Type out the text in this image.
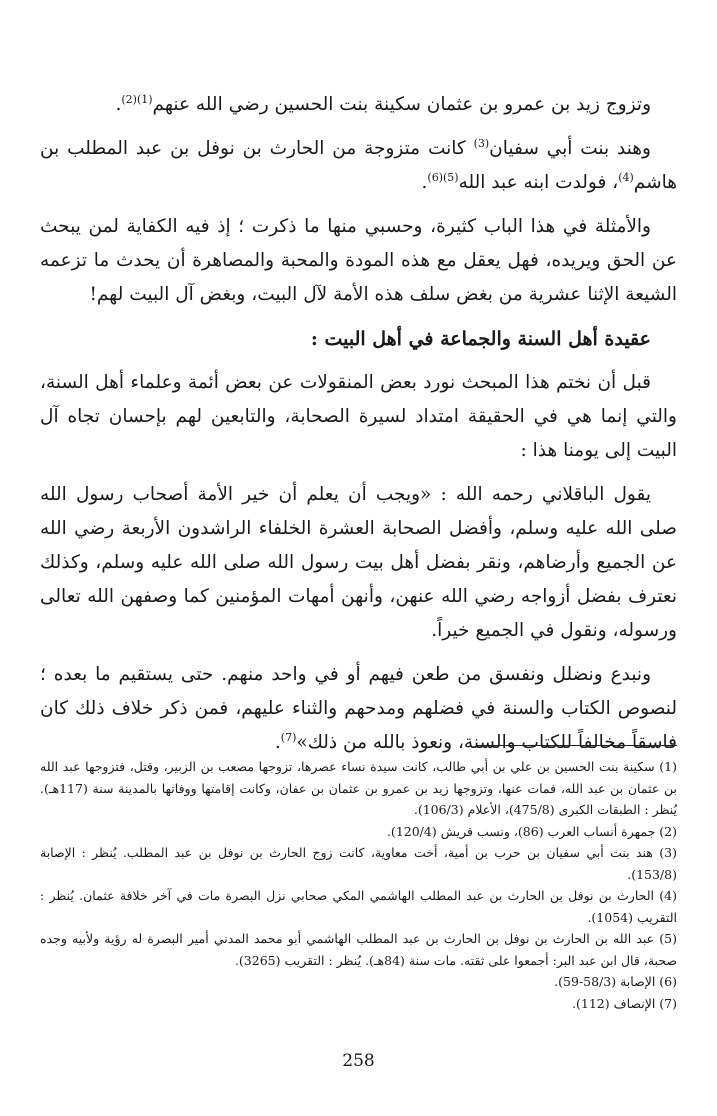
وتزوج زيد بن عمرو بن عثمان سكينة بنت الحسين رضي الله عنهم$^{(1)(2)}$.

وهند بنت أبي سفيان$^{(3)}$ كانت متزوجة من الحارث بن نوفل بن عبد المطلب بن هاشم$^{(4)}$، فولدت ابنه عبد الله$^{(5)(6)}$.

والأمثلة في هذا الباب كثيرة، وحسبي منها ما ذكرت ؛ إذ فيه الكفاية لمن يبحث عن الحق ويريده، فهل يعقل مع هذه المودة والمحبة والمصاهرة أن يحدث ما تزعمه الشيعة الإثنا عشرية من بغض سلف هذه الأمة لآل البيت، وبغض آل البيت لهم!

عقيدة أهل السنة والجماعة في أهل البيت :

قبل أن نختم هذا المبحث نورد بعض المنقولات عن بعض أئمة وعلماء أهل السنة، والتي إنما هي في الحقيقة امتداد لسيرة الصحابة، والتابعين لهم بإحسان تجاه آل البيت إلى يومنا هذا :

يقول الباقلاني رحمه الله : «ويجب أن يعلم أن خير الأمة أصحاب رسول الله صلى الله عليه وسلم، وأفضل الصحابة العشرة الخلفاء الراشدون الأربعة رضي الله عن الجميع وأرضاهم، ونقر بفضل أهل بيت رسول الله صلى الله عليه وسلم، وكذلك نعترف بفضل أزواجه رضي الله عنهن، وأنهن أمهات المؤمنين كما وصفهن الله تعالى ورسوله، ونقول في الجميع خيراً.

ونبدع ونضلل ونفسق من طعن فيهم أو في واحد منهم. حتى يستقيم ما بعده ؛ لنصوص الكتاب والسنة في فضلهم ومدحهم والثناء عليهم، فمن ذكر خلاف ذلك كان فاسقاً مخالفاً للكتاب والسنة، ونعوذ بالله من ذلك»$^{(7)}$.

(1) سكينة بنت الحسين بن علي بن أبي طالب، كانت سيدة نساء عصرها، تزوجها مصعب بن الزبير، وقتل، فتزوجها عبد الله بن عثمان بن عبد الله، فمات عنها، وتزوجها زيد بن عمرو بن عثمان بن عفان، وكانت إقامتها ووفاتها بالمدينة سنة (117هـ). يُنظر : الطبقات الكبرى (475/8)، الأعلام (106/3).

(2) جمهرة أنساب العرب (86)، ونسب قريش (120/4).

(3) هند بنت أبي سفيان بن حرب بن أمية، أخت معاوية، كانت زوج الحارث بن نوفل بن عبد المطلب. يُنظر : الإصابة (153/8).

(4) الحارث بن نوفل بن الحارث بن عبد المطلب الهاشمي المكي صحابي نزل البصرة مات في آخر خلافة عثمان. يُنظر : التقريب (1054).

(5) عبد الله بن الحارث بن نوفل بن الحارث بن عبد المطلب الهاشمي أبو محمد المدني أمير البصرة له رؤية ولأبيه وجده صحبة، قال ابن عبد البر: أجمعوا على ثقته. مات سنة (84هـ). يُنظر : التقريب (3265).

(6) الإصابة (58/3-59).

(7) الإنصاف (112).

258
